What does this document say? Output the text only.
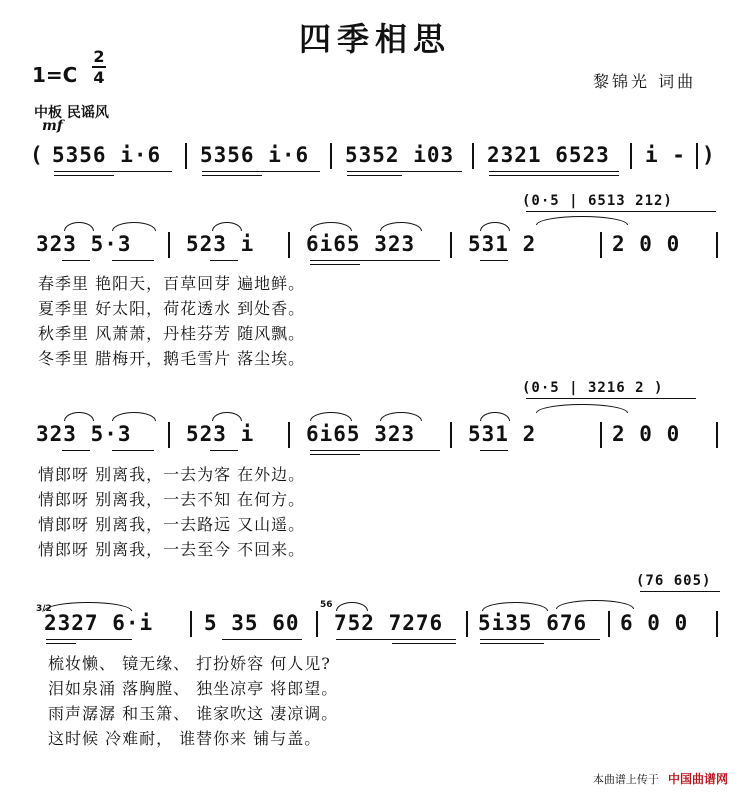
四季相思
1=C
2
4	黎锦光 词曲
中板 民谣风
mf
( 5356 i·6 5356 i·6 5352 i03 2321 6523 i - )
(0·5 | 6513 212)
323 5·3	523 i 6i65 323	531 2	2 0 0
春季里 艳阳天，百草回芽 遍地鲜。
夏季里 好太阳，荷花透水 到处香。
秋季里 风萧萧，丹桂芬芳 随风飘。
冬季里 腊梅开，鹅毛雪片 落尘埃。
(0·5 | 3216 2 )
323 5·3	523 i 6i65 323	531 2	2 0 0
情郎呀 别离我，一去为客 在外边。
情郎呀 别离我，一去不知 在何方。
情郎呀 别离我，一去路远 又山遥。
情郎呀 别离我，一去至今 不回来。
(76 605)
3/2	56
2327 6·i 5 35 60 752 7276 5i35 676 6 0 0
梳妆懒、 镜无缘、 打扮娇容 何人见?
泪如泉涌 落胸膛、 独坐凉亭 将郎望。
雨声潺潺 和玉箫、 谁家吹这 凄凉调。
这时候 冷难耐， 谁替你来 铺与盖。
本曲谱上传于 中国曲谱网
